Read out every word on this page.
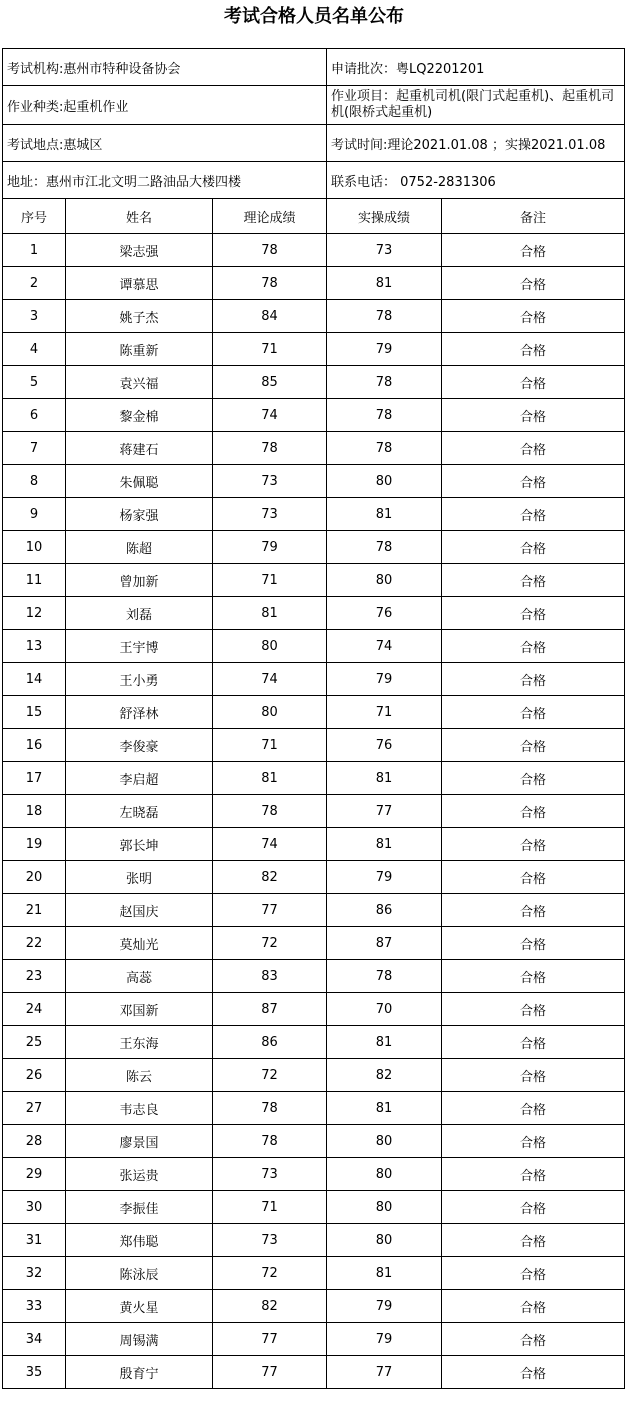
考试合格人员名单公布
考试机构:惠州市特种设备协会			申请批次：粤LQ2201201	
作业种类:起重机作业			作业项目：起重机司机(限门式起重机)、起重机司机(限桥式起重机)	
考试地点:惠城区			考试时间:理论2021.01.08 ；实操2021.01.08	
地址：惠州市江北文明二路油品大楼四楼			联系电话： 0752-2831306	
序号	姓名	理论成绩	实操成绩	备注
1	梁志强	78	73	合格
2	谭慕思	78	81	合格
3	姚子杰	84	78	合格
4	陈重新	71	79	合格
5	袁兴福	85	78	合格
6	黎金棉	74	78	合格
7	蒋建石	78	78	合格
8	朱佩聪	73	80	合格
9	杨家强	73	81	合格
10	陈超	79	78	合格
11	曾加新	71	80	合格
12	刘磊	81	76	合格
13	王宇博	80	74	合格
14	王小勇	74	79	合格
15	舒泽林	80	71	合格
16	李俊豪	71	76	合格
17	李启超	81	81	合格
18	左晓磊	78	77	合格
19	郭长坤	74	81	合格
20	张明	82	79	合格
21	赵国庆	77	86	合格
22	莫灿光	72	87	合格
23	高蕊	83	78	合格
24	邓国新	87	70	合格
25	王东海	86	81	合格
26	陈云	72	82	合格
27	韦志良	78	81	合格
28	廖景国	78	80	合格
29	张运贵	73	80	合格
30	李振佳	71	80	合格
31	郑伟聪	73	80	合格
32	陈泳辰	72	81	合格
33	黄火星	82	79	合格
34	周锡满	77	79	合格
35	殷育宁	77	77	合格
